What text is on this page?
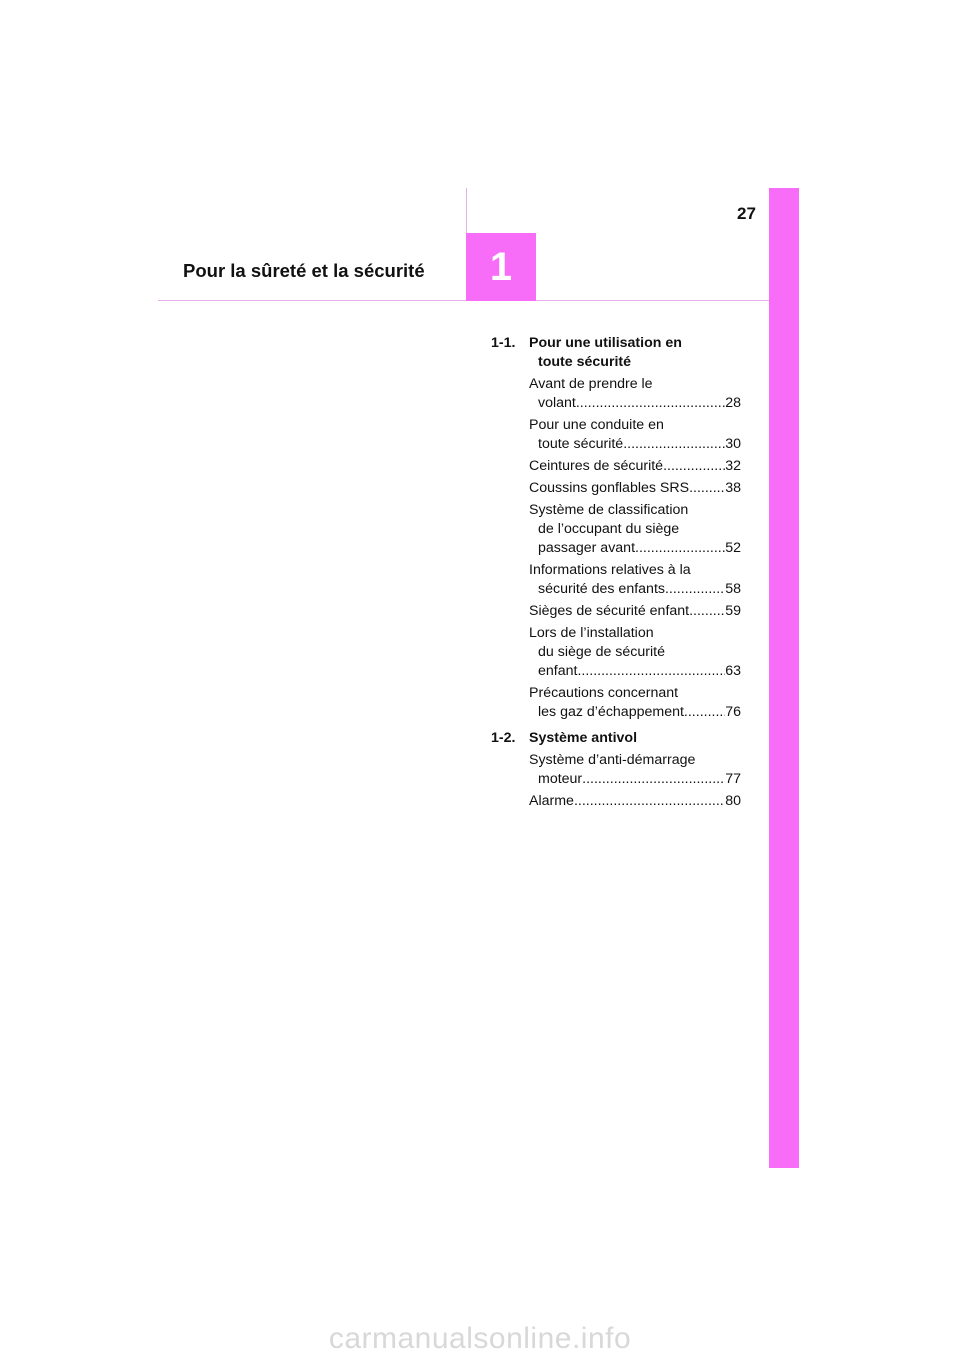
27
Pour la sûreté et la sécurité 1
1-1. Pour une utilisation en
toute sécurité
Avant de prendre le
volant .....	28
Pour une conduite en
toute sécurité .....	30
Ceintures de sécurité .....	32
Coussins gonflables SRS .....	38
Système de classification
de l’occupant du siège
passager avant .....	52
Informations relatives à la
sécurité des enfants .....	58
Sièges de sécurité enfant .....	59
Lors de l’installation
du siège de sécurité
enfant .....	63
Précautions concernant
les gaz d’échappement .....	76
1-2. Système antivol
Système d’anti-démarrage
moteur .....	77
Alarme .....	80
carmanualsonline.info
